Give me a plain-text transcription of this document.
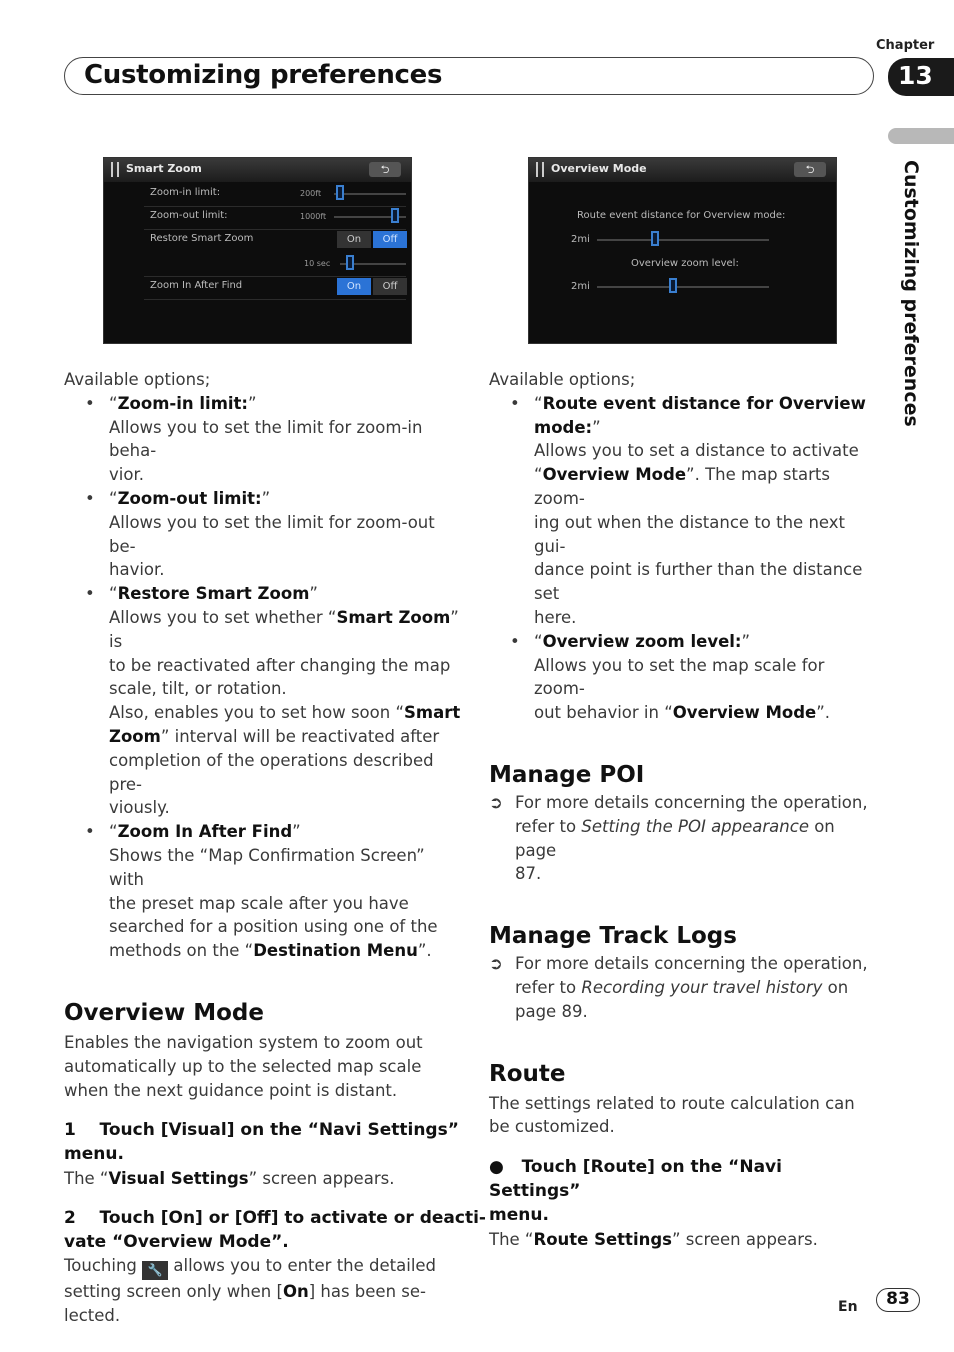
Chapter
Customizing preferences	13
Customizing preferences
Smart Zoom	⮌
Zoom-in limit:	200ft
Zoom-out limit:	1000ft
Restore Smart Zoom	On	Off
10 sec
Zoom In After Find	On	Off
Overview Mode	⮌
Route event distance for Overview mode:
2mi
Overview zoom level:
2mi

Available options;

• “Zoom-in limit:”

Allows you to set the limit for zoom-in beha-

vior.

• “Zoom-out limit:”

Allows you to set the limit for zoom-out be-

havior.

• “Restore Smart Zoom”

Allows you to set whether “Smart Zoom” is

to be reactivated after changing the map

scale, tilt, or rotation.

Also, enables you to set how soon “Smart

Zoom” interval will be reactivated after

completion of the operations described pre-

viously.

• “Zoom In After Find”

Shows the “Map Confirmation Screen” with

the preset map scale after you have

searched for a position using one of the

methods on the “Destination Menu”.

Overview Mode

Enables the navigation system to zoom out

automatically up to the selected map scale

when the next guidance point is distant.

1    Touch [Visual] on the “Navi Settings”

menu.

The “Visual Settings” screen appears.

2    Touch [On] or [Off] to activate or deacti-

vate “Overview Mode”.

Touching 🔧 allows you to enter the detailed

setting screen only when [On] has been se-

lected.

Available options;

• “Route event distance for Overview

mode:”

Allows you to set a distance to activate

“Overview Mode”. The map starts zoom-

ing out when the distance to the next gui-

dance point is further than the distance set

here.

• “Overview zoom level:”

Allows you to set the map scale for zoom-

out behavior in “Overview Mode”.

Manage POI
➲ For more details concerning the operation,

refer to Setting the POI appearance on page

87.

Manage Track Logs
➲ For more details concerning the operation,

refer to Recording your travel history on

page 89.

Route

The settings related to route calculation can

be customized.

●   Touch [Route] on the “Navi Settings”

menu.

The “Route Settings” screen appears.

En	83
